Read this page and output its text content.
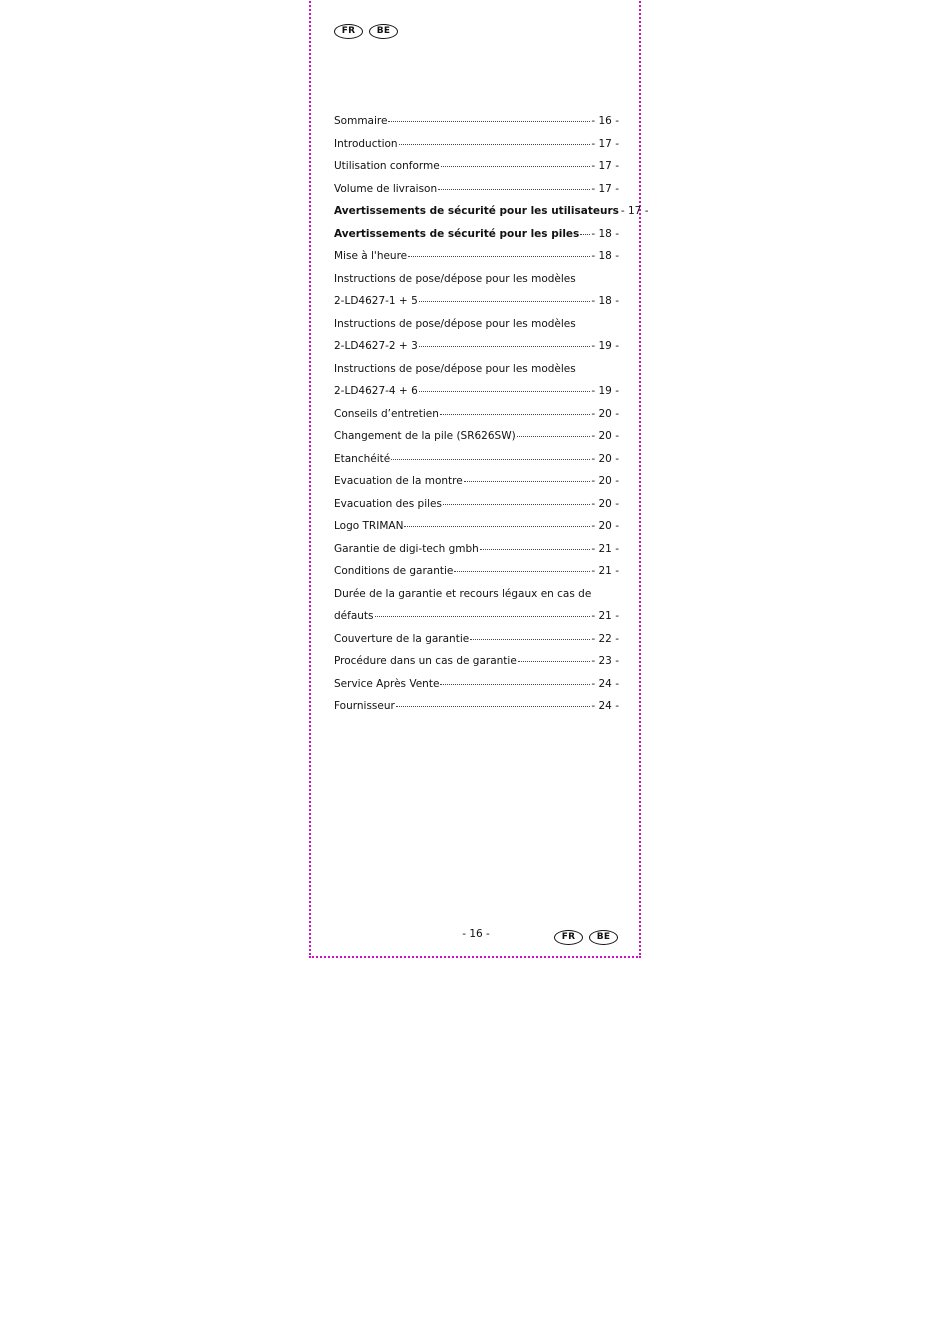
FR	BE
Sommaire	- 16 -
Introduction	- 17 -
Utilisation conforme	- 17 -
Volume de livraison	- 17 -
Avertissements de sécurité pour les utilisateurs - 17 -
Avertissements de sécurité pour les piles - 18 -
Mise à l'heure	- 18 -
Instructions de pose/dépose pour les modèles
2-LD4627-1 + 5	- 18 -
Instructions de pose/dépose pour les modèles
2-LD4627-2 + 3	- 19 -
Instructions de pose/dépose pour les modèles
2-LD4627-4 + 6	- 19 -
Conseils d’entretien	- 20 -
Changement de la pile (SR626SW)	- 20 -
Etanchéité	- 20 -
Evacuation de la montre	- 20 -
Evacuation des piles	- 20 -
Logo TRIMAN	- 20 -
Garantie de digi-tech gmbh	- 21 -
Conditions de garantie	- 21 -
Durée de la garantie et recours légaux en cas de
défauts	- 21 -
Couverture de la garantie	- 22 -
Procédure dans un cas de garantie	- 23 -
Service Après Vente	- 24 -
Fournisseur	- 24 -
- 16 -	FR	BE
